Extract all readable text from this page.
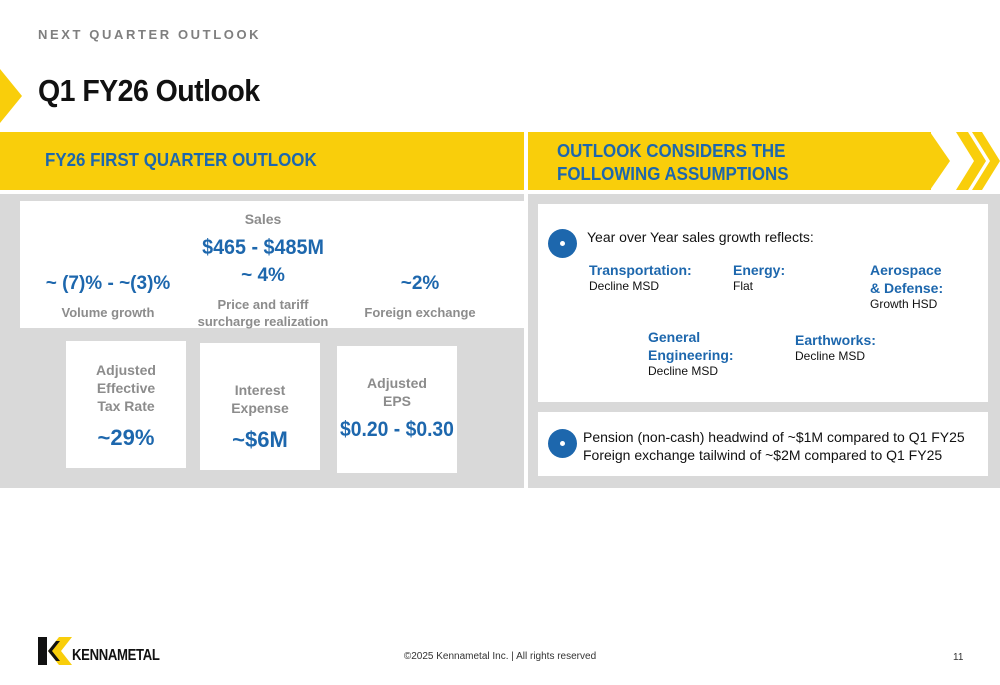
NEXT QUARTER OUTLOOK
Q1 FY26 Outlook
FY26 FIRST QUARTER OUTLOOK
Sales
$465 - $485M
~ (7)% - ~(3)%
Volume growth
~ 4%
Price and tariff
surcharge realization
~2%
Foreign exchange
Adjusted
Effective
Tax Rate
~29%
Interest
Expense
~$6M
Adjusted
EPS
$0.20 - $0.30
OUTLOOK CONSIDERS THE
FOLLOWING ASSUMPTIONS
Year over Year sales growth reflects:
Transportation:
Decline MSD
Energy:
Flat
Aerospace
& Defense:
Growth HSD
General
Engineering:
Decline MSD
Earthworks:
Decline MSD
Pension (non-cash) headwind of ~$1M compared to Q1 FY25
Foreign exchange tailwind of ~$2M compared to Q1 FY25
KENNAMETAL	©2025 Kennametal Inc. | All rights reserved	11
